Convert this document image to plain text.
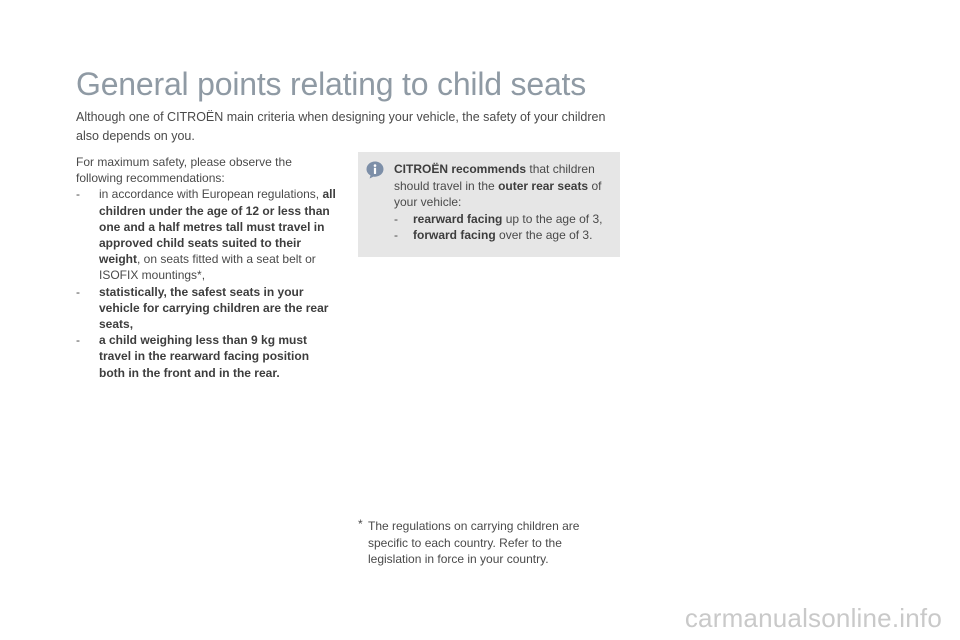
General points relating to child seats

Although one of CITROËN main criteria when designing your vehicle, the safety of your children also depends on you.

For maximum safety, please observe the following recommendations:

- in accordance with European regulations, all children under the age of 12 or less than one and a half metres tall must travel in approved child seats suited to their weight, on seats fitted with a seat belt or ISOFIX mountings*,
- statistically, the safest seats in your vehicle for carrying children are the rear seats,
- a child weighing less than 9 kg must travel in the rearward facing position both in the front and in the rear.

CITROËN recommends that children should travel in the outer rear seats of your vehicle:

- rearward facing up to the age of 3,
- forward facing over the age of 3.
* The regulations on carrying children are specific to each country. Refer to the legislation in force in your country.

carmanualsonline.info
